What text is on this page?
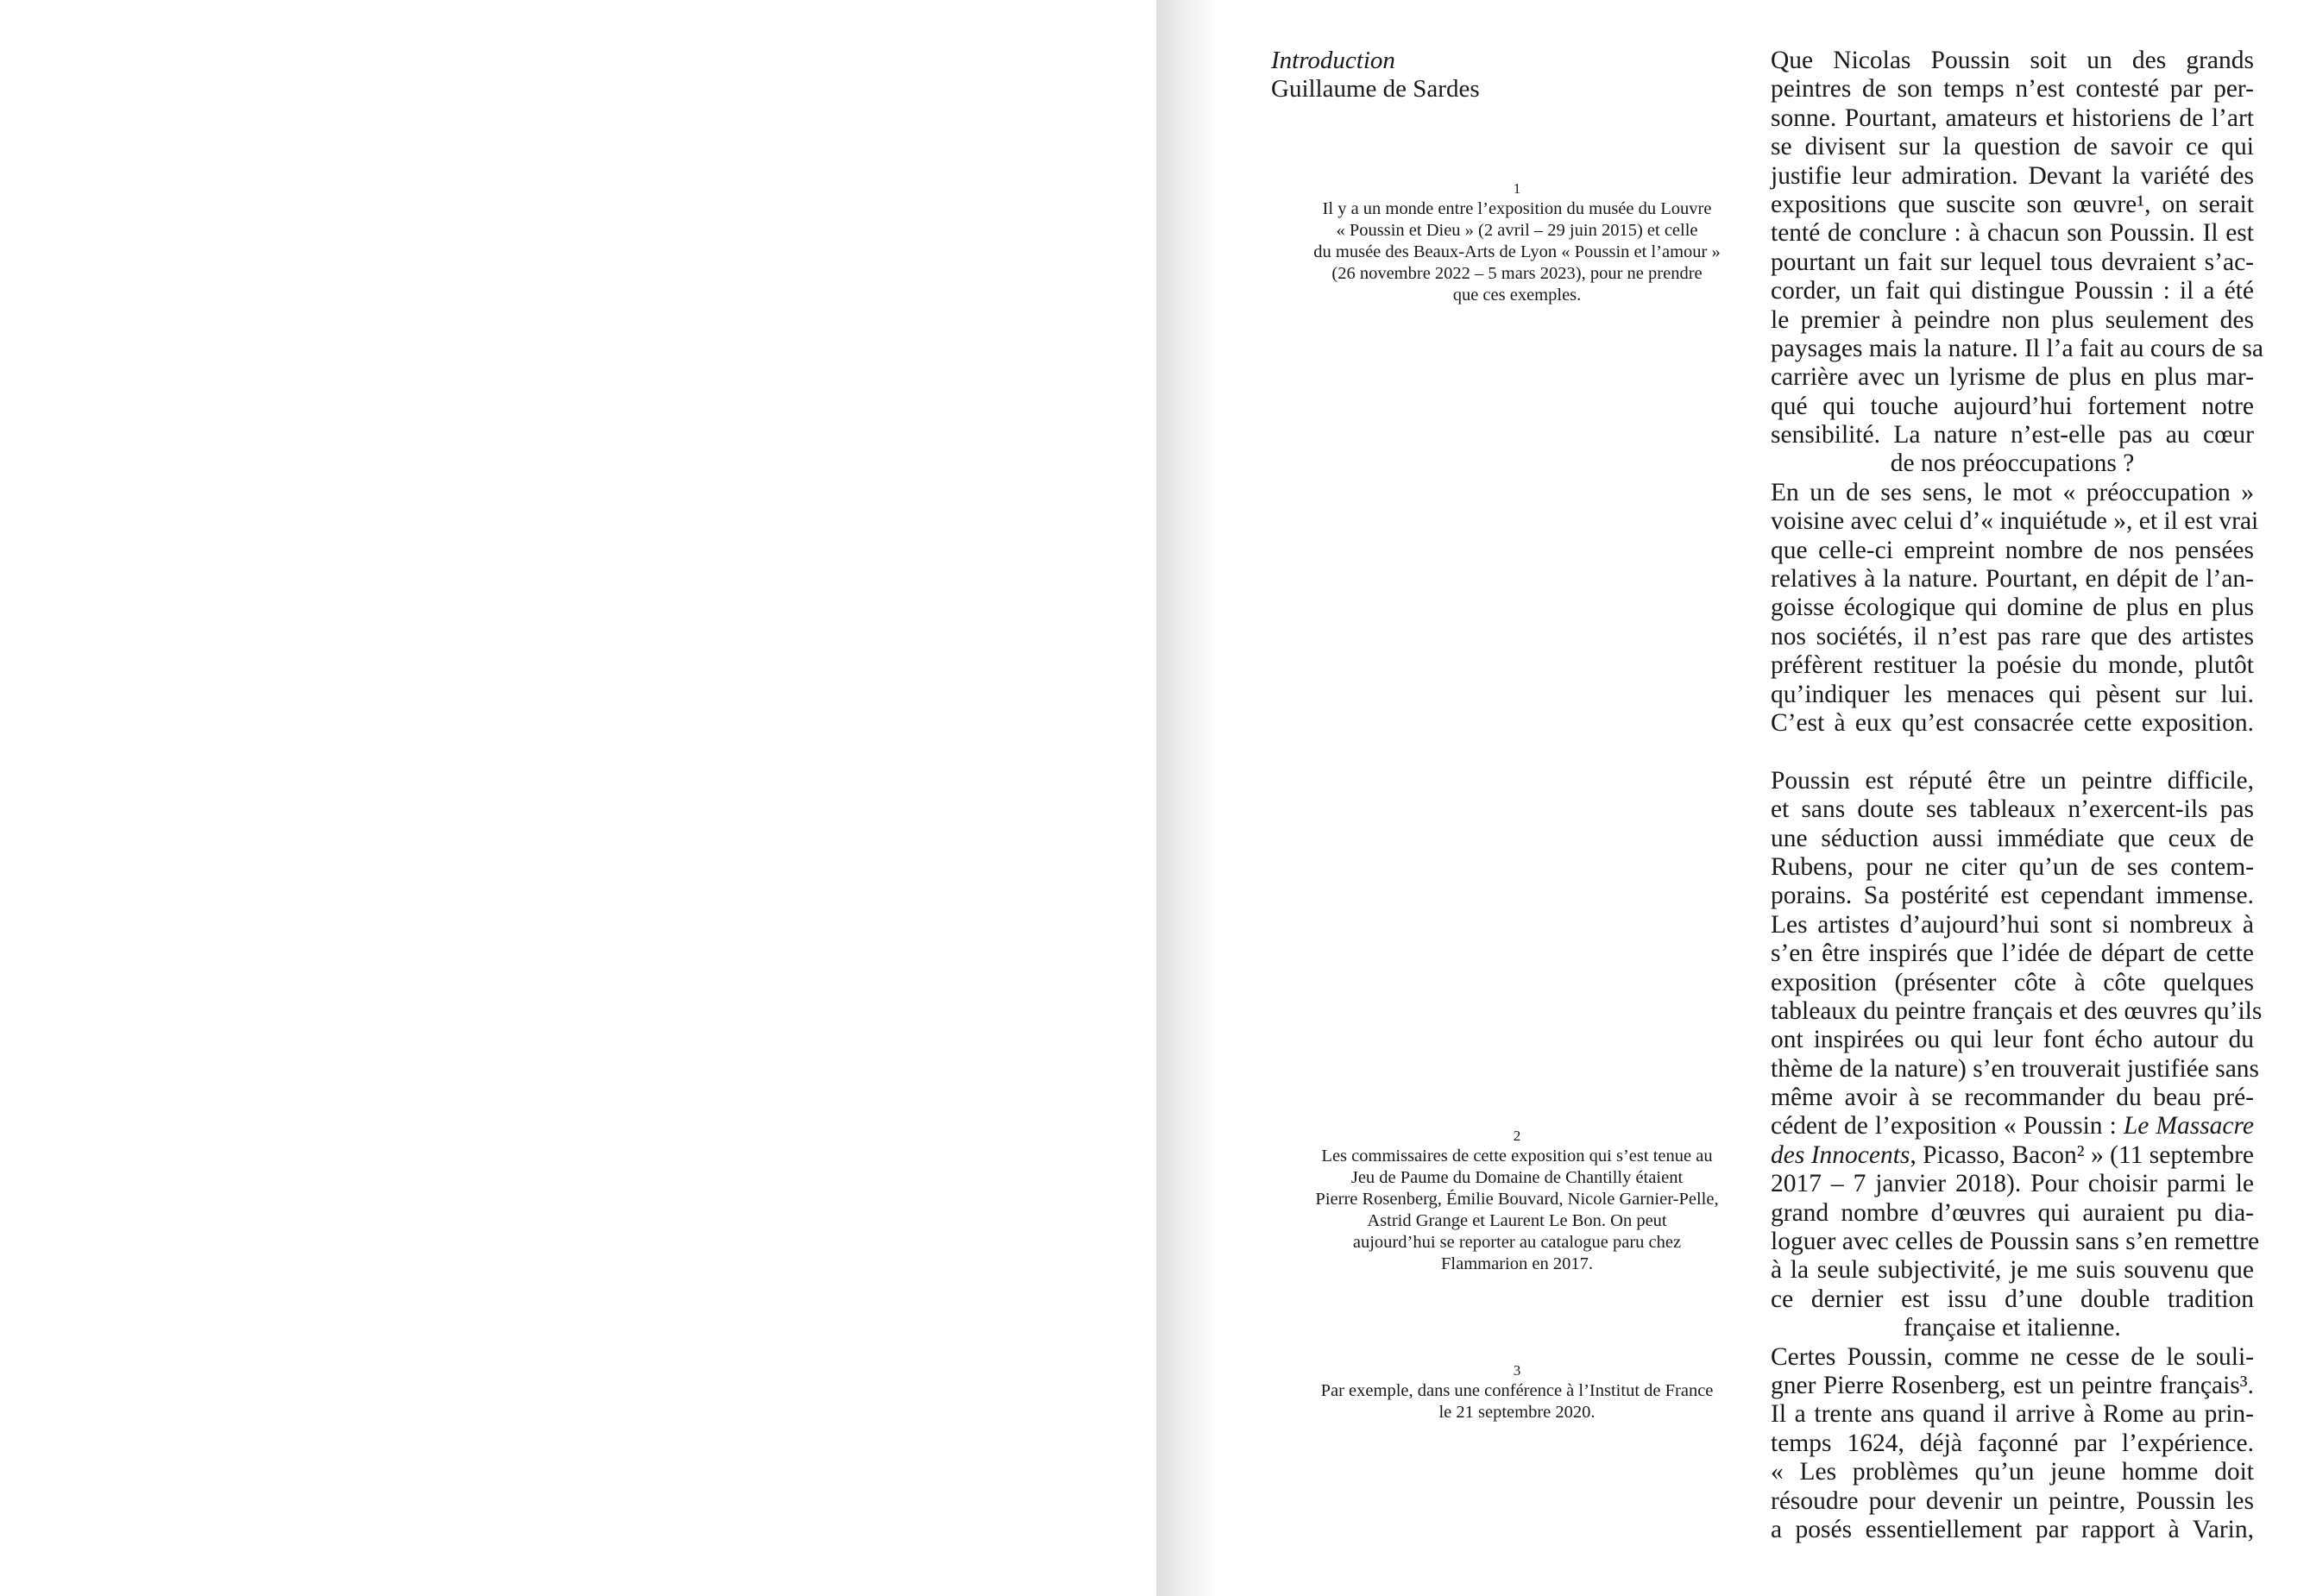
Introduction
Guillaume de Sardes
1
Il y a un monde entre l’exposition du musée du Louvre
« Poussin et Dieu » (2 avril – 29 juin 2015) et celle
du musée des Beaux-Arts de Lyon « Poussin et l’amour »
(26 novembre 2022 – 5 mars 2023), pour ne prendre
que ces exemples.
2
Les commissaires de cette exposition qui s’est tenue au
Jeu de Paume du Domaine de Chantilly étaient
Pierre Rosenberg, Émilie Bouvard, Nicole Garnier-Pelle,
Astrid Grange et Laurent Le Bon. On peut
aujourd’hui se reporter au catalogue paru chez
Flammarion en 2017.
3
Par exemple, dans une conférence à l’Institut de France
le 21 septembre 2020.
Que Nicolas Poussin soit un des grands
peintres de son temps n’est contesté par per-
sonne. Pourtant, amateurs et historiens de l’art
se divisent sur la question de savoir ce qui
justifie leur admiration. Devant la variété des
expositions que suscite son œuvre¹, on serait
tenté de conclure : à chacun son Poussin. Il est
pourtant un fait sur lequel tous devraient s’ac-
corder, un fait qui distingue Poussin : il a été
le premier à peindre non plus seulement des
paysages mais la nature. Il l’a fait au cours de sa
carrière avec un lyrisme de plus en plus mar-
qué qui touche aujourd’hui fortement notre
sensibilité. La nature n’est-elle pas au cœur
de nos préoccupations ?
En un de ses sens, le mot « préoccupation »
voisine avec celui d’« inquiétude », et il est vrai
que celle-ci empreint nombre de nos pensées
relatives à la nature. Pourtant, en dépit de l’an-
goisse écologique qui domine de plus en plus
nos sociétés, il n’est pas rare que des artistes
préfèrent restituer la poésie du monde, plutôt
qu’indiquer les menaces qui pèsent sur lui.
C’est à eux qu’est consacrée cette exposition.
Poussin est réputé être un peintre difficile,
et sans doute ses tableaux n’exercent-ils pas
une séduction aussi immédiate que ceux de
Rubens, pour ne citer qu’un de ses contem-
porains. Sa postérité est cependant immense.
Les artistes d’aujourd’hui sont si nombreux à
s’en être inspirés que l’idée de départ de cette
exposition (présenter côte à côte quelques
tableaux du peintre français et des œuvres qu’ils
ont inspirées ou qui leur font écho autour du
thème de la nature) s’en trouverait justifiée sans
même avoir à se recommander du beau pré-
cédent de l’exposition « Poussin : Le Massacre
des Innocents, Picasso, Bacon² » (11 septembre
2017 – 7 janvier 2018). Pour choisir parmi le
grand nombre d’œuvres qui auraient pu dia-
loguer avec celles de Poussin sans s’en remettre
à la seule subjectivité, je me suis souvenu que
ce dernier est issu d’une double tradition
française et italienne.
Certes Poussin, comme ne cesse de le souli-
gner Pierre Rosenberg, est un peintre français³.
Il a trente ans quand il arrive à Rome au prin-
temps 1624, déjà façonné par l’expérience.
« Les problèmes qu’un jeune homme doit
résoudre pour devenir un peintre, Poussin les
a posés essentiellement par rapport à Varin,
